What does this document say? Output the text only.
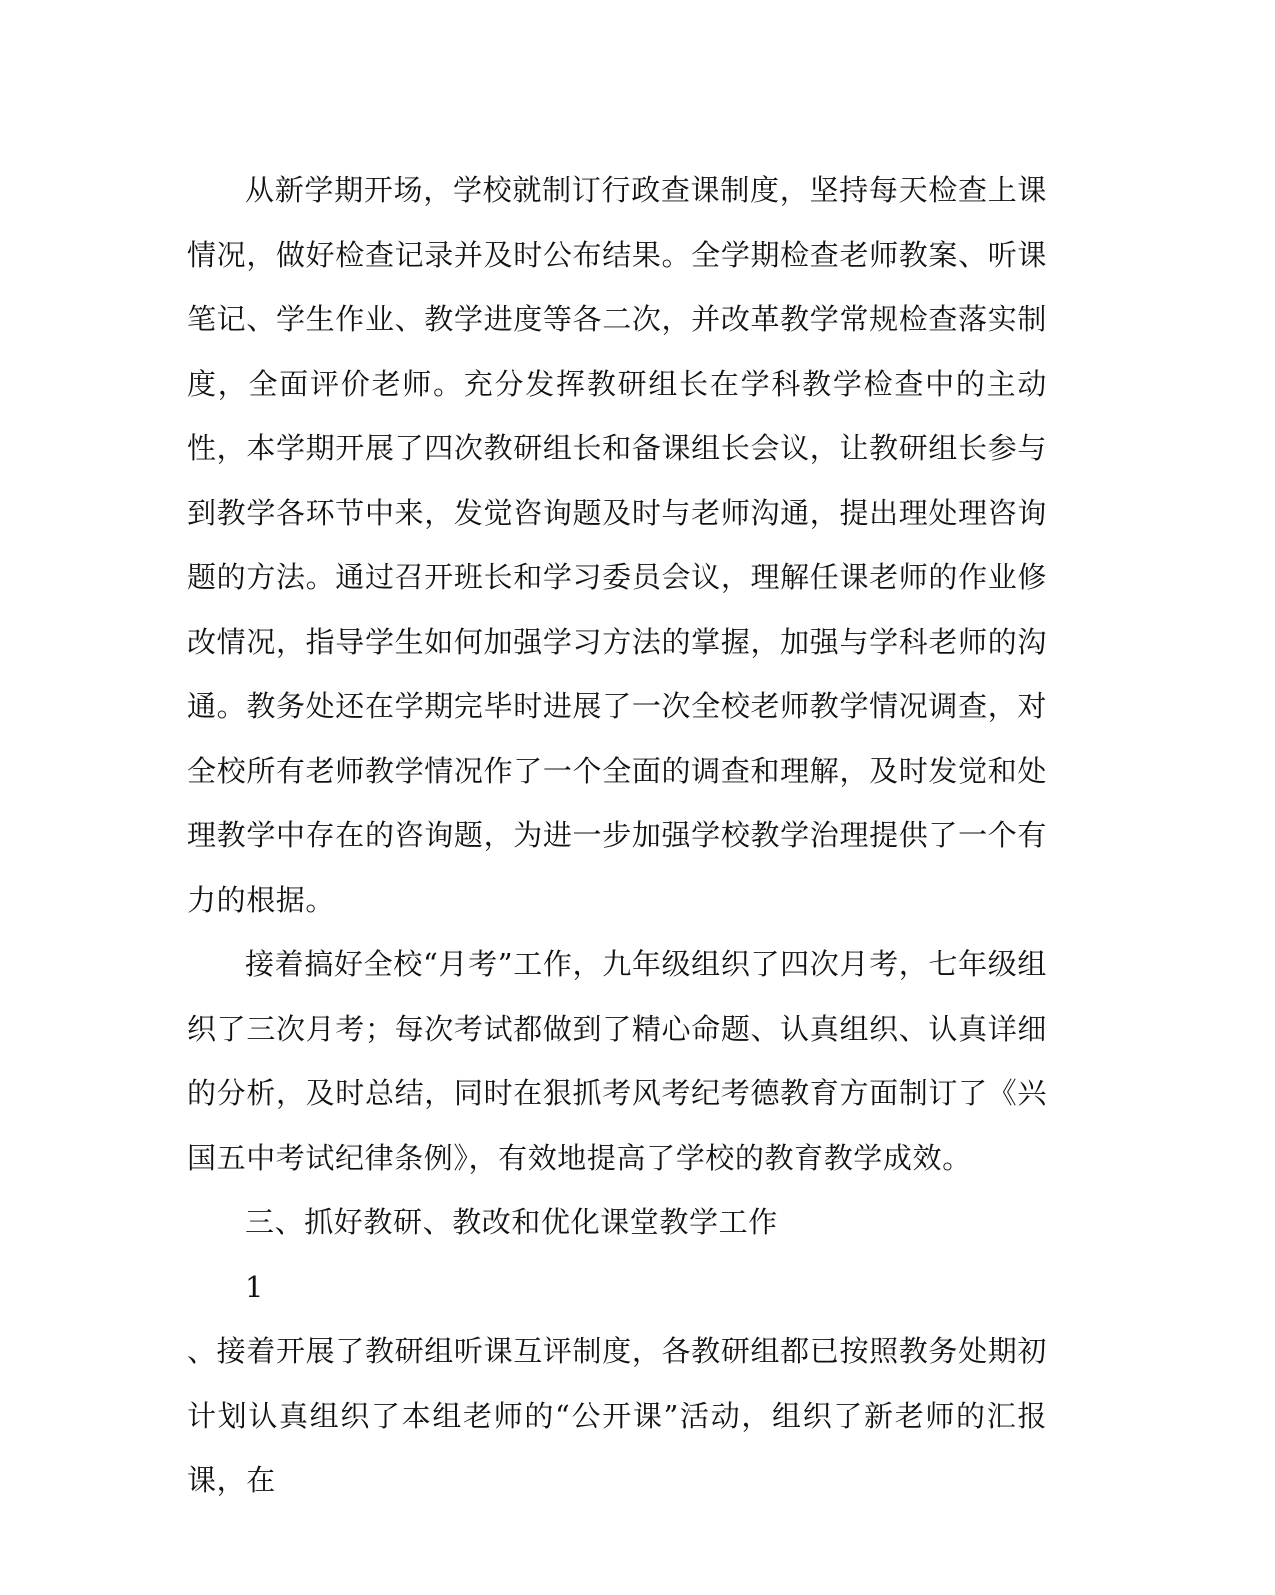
从新学期开场，学校就制订行政查课制度，坚持每天检查上课情况，做好检查记录并及时公布结果。全学期检查老师教案、听课笔记、学生作业、教学进度等各二次，并改革教学常规检查落实制度，全面评价老师。充分发挥教研组长在学科教学检查中的主动性，本学期开展了四次教研组长和备课组长会议，让教研组长参与到教学各环节中来，发觉咨询题及时与老师沟通，提出理处理咨询题的方法。通过召开班长和学习委员会议，理解任课老师的作业修改情况，指导学生如何加强学习方法的掌握，加强与学科老师的沟通。教务处还在学期完毕时进展了一次全校老师教学情况调查，对全校所有老师教学情况作了一个全面的调查和理解，及时发觉和处理教学中存在的咨询题，为进一步加强学校教学治理提供了一个有力的根据。

接着搞好全校“月考”工作，九年级组织了四次月考，七年级组织了三次月考；每次考试都做到了精心命题、认真组织、认真详细的分析，及时总结，同时在狠抓考风考纪考德教育方面制订了《兴国五中考试纪律条例》，有效地提高了学校的教育教学成效。

三、抓好教研、教改和优化课堂教学工作

1

、接着开展了教研组听课互评制度，各教研组都已按照教务处期初计划认真组织了本组老师的“公开课”活动，组织了新老师的汇报课，在
